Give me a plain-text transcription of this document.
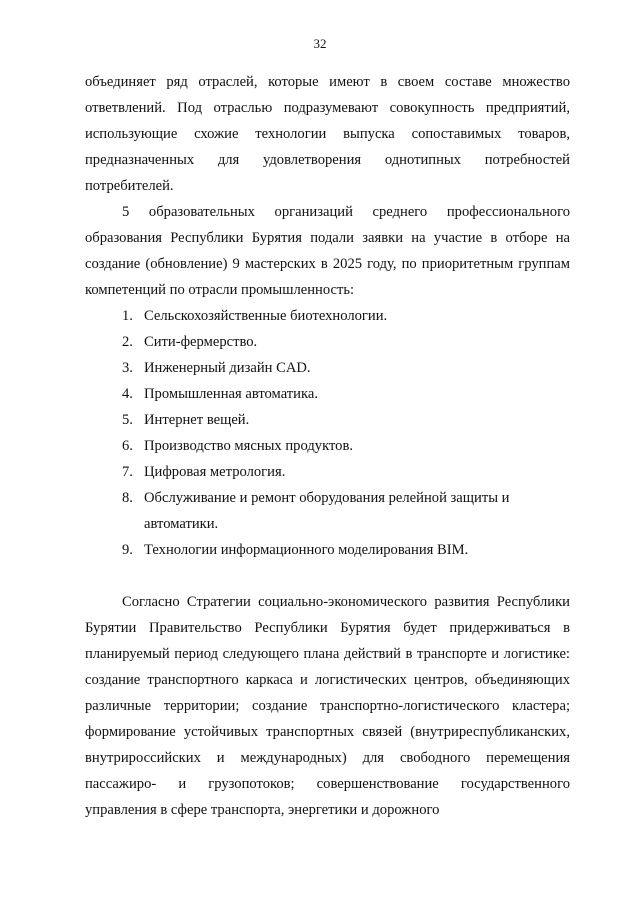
32

объединяет ряд отраслей, которые имеют в своем составе множество ответвлений. Под отраслью подразумевают совокупность предприятий, использующие схожие технологии выпуска сопоставимых товаров, предназначенных для удовлетворения однотипных потребностей потребителей.

5 образовательных организаций среднего профессионального образования Республики Бурятия подали заявки на участие в отборе на создание (обновление) 9 мастерских в 2025 году, по приоритетным группам компетенций по отрасли промышленность:

1. Сельскохозяйственные биотехнологии.
2. Сити-фермерство.
3. Инженерный дизайн CAD.
4. Промышленная автоматика.
5. Интернет вещей.
6. Производство мясных продуктов.
7. Цифровая метрология.
8. Обслуживание и ремонт оборудования релейной защиты и автоматики.
9. Технологии информационного моделирования BIM.

Согласно Стратегии социально-экономического развития Республики Бурятии Правительство Республики Бурятия будет придерживаться в планируемый период следующего плана действий в транспорте и логистике: создание транспортного каркаса и логистических центров, объединяющих различные территории; создание транспортно-логистического кластера; формирование устойчивых транспортных связей (внутриреспубликанских, внутрироссийских и международных) для свободного перемещения пассажиро- и грузопотоков; совершенствование государственного управления в сфере транспорта, энергетики и дорожного
